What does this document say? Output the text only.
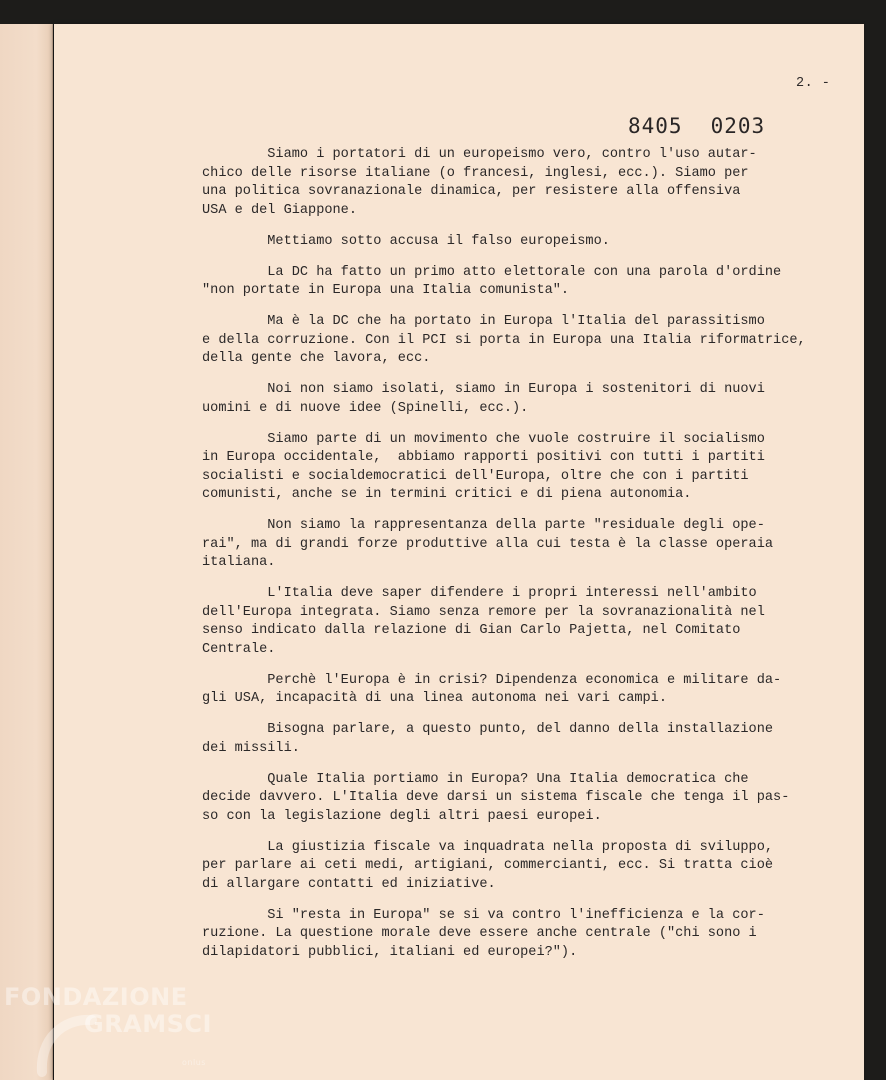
2. -
8405 0203

Siamo i portatori di un europeismo vero, contro l'uso autar-
chico delle risorse italiane (o francesi, inglesi, ecc.). Siamo per
una politica sovranazionale dinamica, per resistere alla offensiva
USA e del Giappone.

Mettiamo sotto accusa il falso europeismo.

La DC ha fatto un primo atto elettorale con una parola d'ordine
"non portate in Europa una Italia comunista".

Ma è la DC che ha portato in Europa l'Italia del parassitismo
e della corruzione. Con il PCI si porta in Europa una Italia riformatrice,
della gente che lavora, ecc.

Noi non siamo isolati, siamo in Europa i sostenitori di nuovi
uomini e di nuove idee (Spinelli, ecc.).

Siamo parte di un movimento che vuole costruire il socialismo
in Europa occidentale,  abbiamo rapporti positivi con tutti i partiti
socialisti e socialdemocratici dell'Europa, oltre che con i partiti
comunisti, anche se in termini critici e di piena autonomia.

Non siamo la rappresentanza della parte "residuale degli ope-
rai", ma di grandi forze produttive alla cui testa è la classe operaia
italiana.

L'Italia deve saper difendere i propri interessi nell'ambito
dell'Europa integrata. Siamo senza remore per la sovranazionalità nel
senso indicato dalla relazione di Gian Carlo Pajetta, nel Comitato
Centrale.

Perchè l'Europa è in crisi? Dipendenza economica e militare da-
gli USA, incapacità di una linea autonoma nei vari campi.

Bisogna parlare, a questo punto, del danno della installazione
dei missili.

Quale Italia portiamo in Europa? Una Italia democratica che
decide davvero. L'Italia deve darsi un sistema fiscale che tenga il pas-
so con la legislazione degli altri paesi europei.

La giustizia fiscale va inquadrata nella proposta di sviluppo,
per parlare ai ceti medi, artigiani, commercianti, ecc. Si tratta cioè
di allargare contatti ed iniziative.

Si "resta in Europa" se si va contro l'inefficienza e la cor-
ruzione. La questione morale deve essere anche centrale ("chi sono i
dilapidatori pubblici, italiani ed europei?").

FONDAZIONE
GRAMSCI
onlus
